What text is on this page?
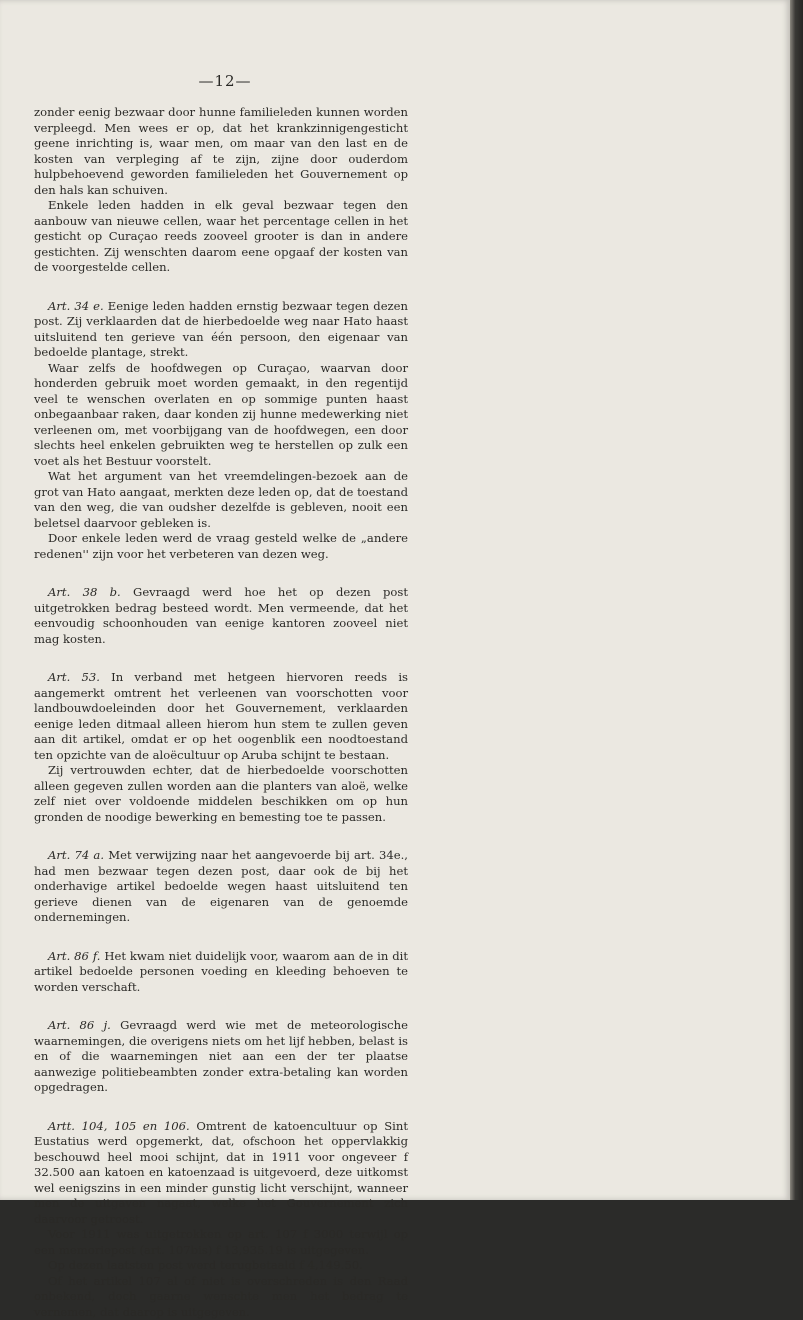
—12—

zonder eenig bezwaar door hunne familieleden kunnen worden verpleegd. Men wees er op, dat het krankzinnigengesticht geene inrichting is, waar men, om maar van den last en de kosten van verpleging af te zijn, zijne door ouderdom hulpbehoevend geworden familieleden het Gouvernement op den hals kan schuiven.

Enkele leden hadden in elk geval bezwaar tegen den aanbouw van nieuwe cellen, waar het percentage cellen in het gesticht op Curaçao reeds zooveel grooter is dan in andere gestichten. Zij wenschten daarom eene opgaaf der kosten van de voorgestelde cellen.

Art. 34 e. Eenige leden hadden ernstig bezwaar tegen dezen post. Zij verklaarden dat de hierbedoelde weg naar Hato haast uitsluitend ten gerieve van één persoon, den eigenaar van bedoelde plantage, strekt.

Waar zelfs de hoofdwegen op Curaçao, waarvan door honderden gebruik moet worden gemaakt, in den regentijd veel te wenschen overlaten en op sommige punten haast onbegaanbaar raken, daar konden zij hunne medewerking niet verleenen om, met voorbijgang van de hoofdwegen, een door slechts heel enkelen gebruikten weg te herstellen op zulk een voet als het Bestuur voorstelt.

Wat het argument van het vreemdelingen-bezoek aan de grot van Hato aangaat, merkten deze leden op, dat de toestand van den weg, die van oudsher dezelfde is gebleven, nooit een beletsel daarvoor gebleken is.

Door enkele leden werd de vraag gesteld welke de „andere redenen'' zijn voor het verbeteren van dezen weg.

Art. 38 b. Gevraagd werd hoe het op dezen post uitgetrokken bedrag besteed wordt. Men vermeende, dat het eenvoudig schoonhouden van eenige kantoren zooveel niet mag kosten.

Art. 53. In verband met hetgeen hiervoren reeds is aangemerkt omtrent het verleenen van voorschotten voor landbouwdoeleinden door het Gouvernement, verklaarden eenige leden ditmaal alleen hierom hun stem te zullen geven aan dit artikel, omdat er op het oogenblik een noodtoestand ten opzichte van de aloëcultuur op Aruba schijnt te bestaan.

Zij vertrouwden echter, dat de hierbedoelde voorschotten alleen gegeven zullen worden aan die planters van aloë, welke zelf niet over voldoende middelen beschikken om op hun gronden de noodige bewerking en bemesting toe te passen.

Art. 74 a. Met verwijzing naar het aangevoerde bij art. 34e., had men bezwaar tegen dezen post, daar ook de bij het onderhavige artikel bedoelde wegen haast uitsluitend ten gerieve dienen van de eigenaren van de genoemde ondernemingen.

Art. 86 f. Het kwam niet duidelijk voor, waarom aan de in dit artikel bedoelde personen voeding en kleeding behoeven te worden verschaft.

Art. 86 j. Gevraagd werd wie met de meteorologische waarnemingen, die overigens niets om het lijf hebben, belast is en of die waarnemingen niet aan een der ter plaatse aanwezige politiebeambten zonder extra-betaling kan worden opgedragen.

Artt. 104, 105 en 106. Omtrent de katoencultuur op Sint Eustatius werd opgemerkt, dat, ofschoon het oppervlakkig beschouwd heel mooi schijnt, dat in 1911 voor ongeveer f 32.500 aan katoen en katoenzaad is uitgevoerd, deze uitkomst wel eenigszins in een minder gunstig licht verschijnt, wanneer men de uitgaven nagaat, welke het Gouvernement zich daarvoor getroost.

Voor 1911 was uitgetrokken op art. 107 f 3000 terwijl op een memoriepost (art. 107bis) f 13,935.19 is uitgegeven.

Op dezen laatsten post werd terugbetaald f 4,149.50.

Of het artikel 107 al of niet is overschreden is den Raad onbekend, doch gaarne wenschte men het bedrag te vernemen, dat daarop is uitgegeven.
